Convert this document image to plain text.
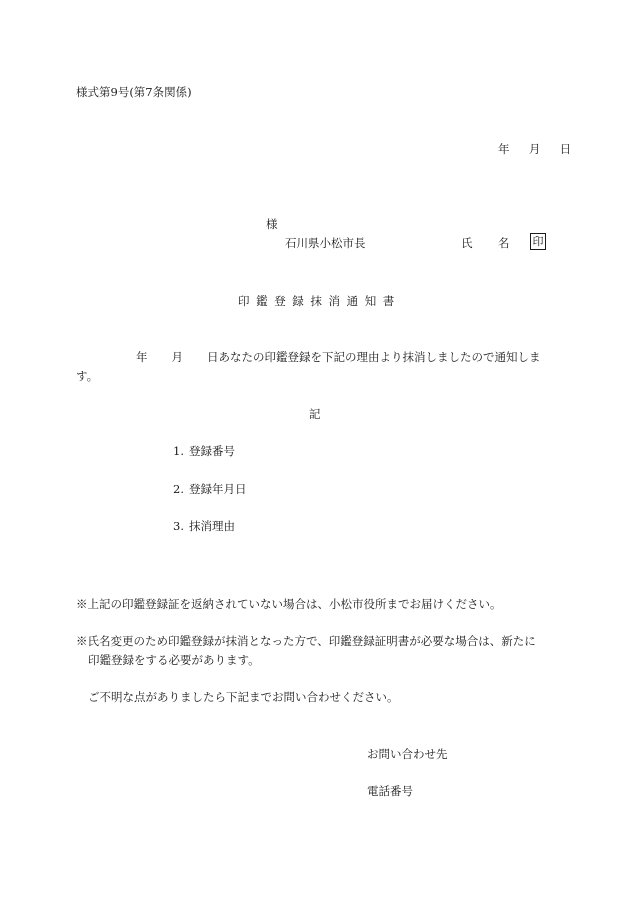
様式第9号(第7条関係)
年 月 日
様
石川県小松市長	氏 名 印
印鑑登録抹消通知書
年 月 日あなたの印鑑登録を下記の理由より抹消しましたので通知しま
す。
記
1. 登録番号
2. 登録年月日
3. 抹消理由
※上記の印鑑登録証を返納されていない場合は、小松市役所までお届けください。
※氏名変更のため印鑑登録が抹消となった方で、印鑑登録証明書が必要な場合は、新たに
印鑑登録をする必要があります。
ご不明な点がありましたら下記までお問い合わせください。
お問い合わせ先
電話番号
